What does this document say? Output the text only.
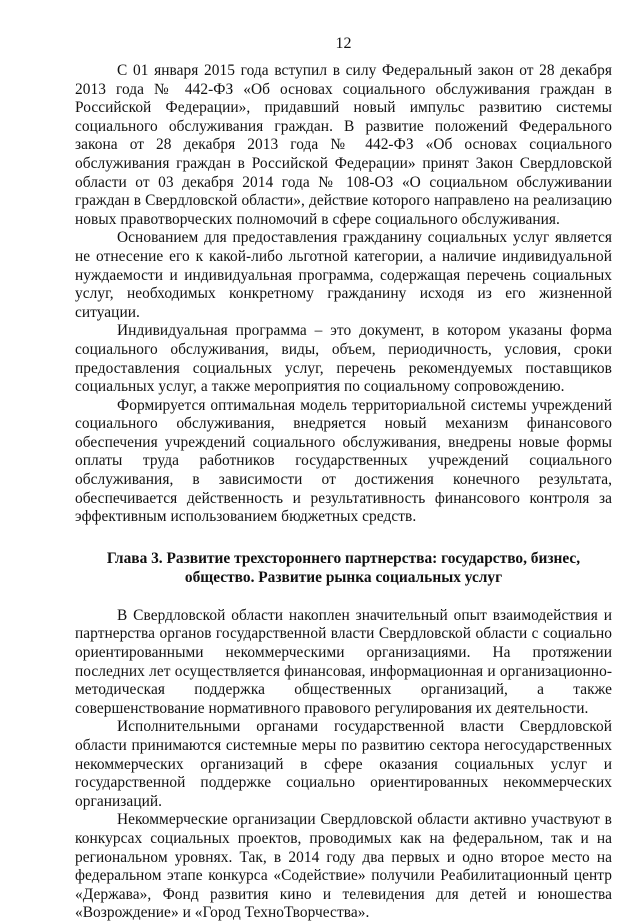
12

С 01 января 2015 года вступил в силу Федеральный закон от 28 декабря 2013 года № 442-ФЗ «Об основах социального обслуживания граждан в Российской Федерации», придавший новый импульс развитию системы социального обслуживания граждан. В развитие положений Федерального закона от 28 декабря 2013 года № 442-ФЗ «Об основах социального обслуживания граждан в Российской Федерации» принят Закон Свердловской области от 03 декабря 2014 года № 108-ОЗ «О социальном обслуживании граждан в Свердловской области», действие которого направлено на реализацию новых правотворческих полномочий в сфере социального обслуживания.

Основанием для предоставления гражданину социальных услуг является не отнесение его к какой-либо льготной категории, а наличие индивидуальной нуждаемости и индивидуальная программа, содержащая перечень социальных услуг, необходимых конкретному гражданину исходя из его жизненной ситуации.

Индивидуальная программа – это документ, в котором указаны форма социального обслуживания, виды, объем, периодичность, условия, сроки предоставления социальных услуг, перечень рекомендуемых поставщиков социальных услуг, а также мероприятия по социальному сопровождению.

Формируется оптимальная модель территориальной системы учреждений социального обслуживания, внедряется новый механизм финансового обеспечения учреждений социального обслуживания, внедрены новые формы оплаты труда работников государственных учреждений социального обслуживания, в зависимости от достижения конечного результата, обеспечивается действенность и результативность финансового контроля за эффективным использованием бюджетных средств.

Глава 3. Развитие трехстороннего партнерства: государство, бизнес,
общество. Развитие рынка социальных услуг

В Свердловской области накоплен значительный опыт взаимодействия и партнерства органов государственной власти Свердловской области с социально ориентированными некоммерческими организациями. На протяжении последних лет осуществляется финансовая, информационная и организационно-методическая поддержка общественных организаций, а также совершенствование нормативного правового регулирования их деятельности.

Исполнительными органами государственной власти Свердловской области принимаются системные меры по развитию сектора негосударственных некоммерческих организаций в сфере оказания социальных услуг и государственной поддержке социально ориентированных некоммерческих организаций.

Некоммерческие организации Свердловской области активно участвуют в конкурсах социальных проектов, проводимых как на федеральном, так и на региональном уровнях. Так, в 2014 году два первых и одно второе место на федеральном этапе конкурса «Содействие» получили Реабилитационный центр «Держава», Фонд развития кино и телевидения для детей и юношества «Возрождение» и «Город ТехноТворчества».
